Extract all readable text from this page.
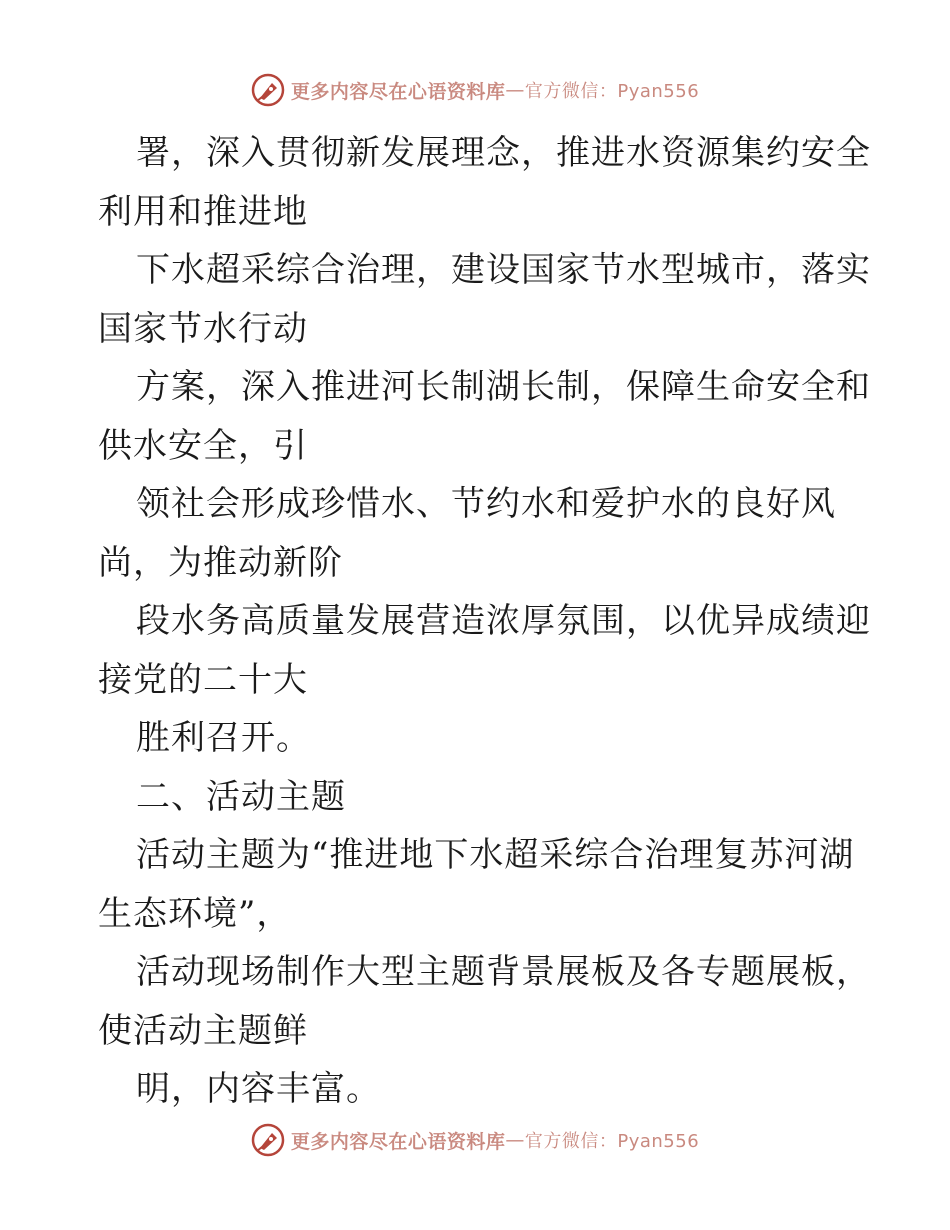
更多内容尽在心语资料库 — 官方微信：Pyan556
署，深入贯彻新发展理念，推进水资源集约安全
利用和推进地
下水超采综合治理，建设国家节水型城市，落实
国家节水行动
方案，深入推进河长制湖长制，保障生命安全和
供水安全，引
领社会形成珍惜水、节约水和爱护水的良好风
尚，为推动新阶
段水务高质量发展营造浓厚氛围，以优异成绩迎
接党的二十大
胜利召开。
二、活动主题
活动主题为“推进地下水超采综合治理复苏河湖
生态环境”，
活动现场制作大型主题背景展板及各专题展板，
使活动主题鲜
明，内容丰富。
更多内容尽在心语资料库 — 官方微信：Pyan556
